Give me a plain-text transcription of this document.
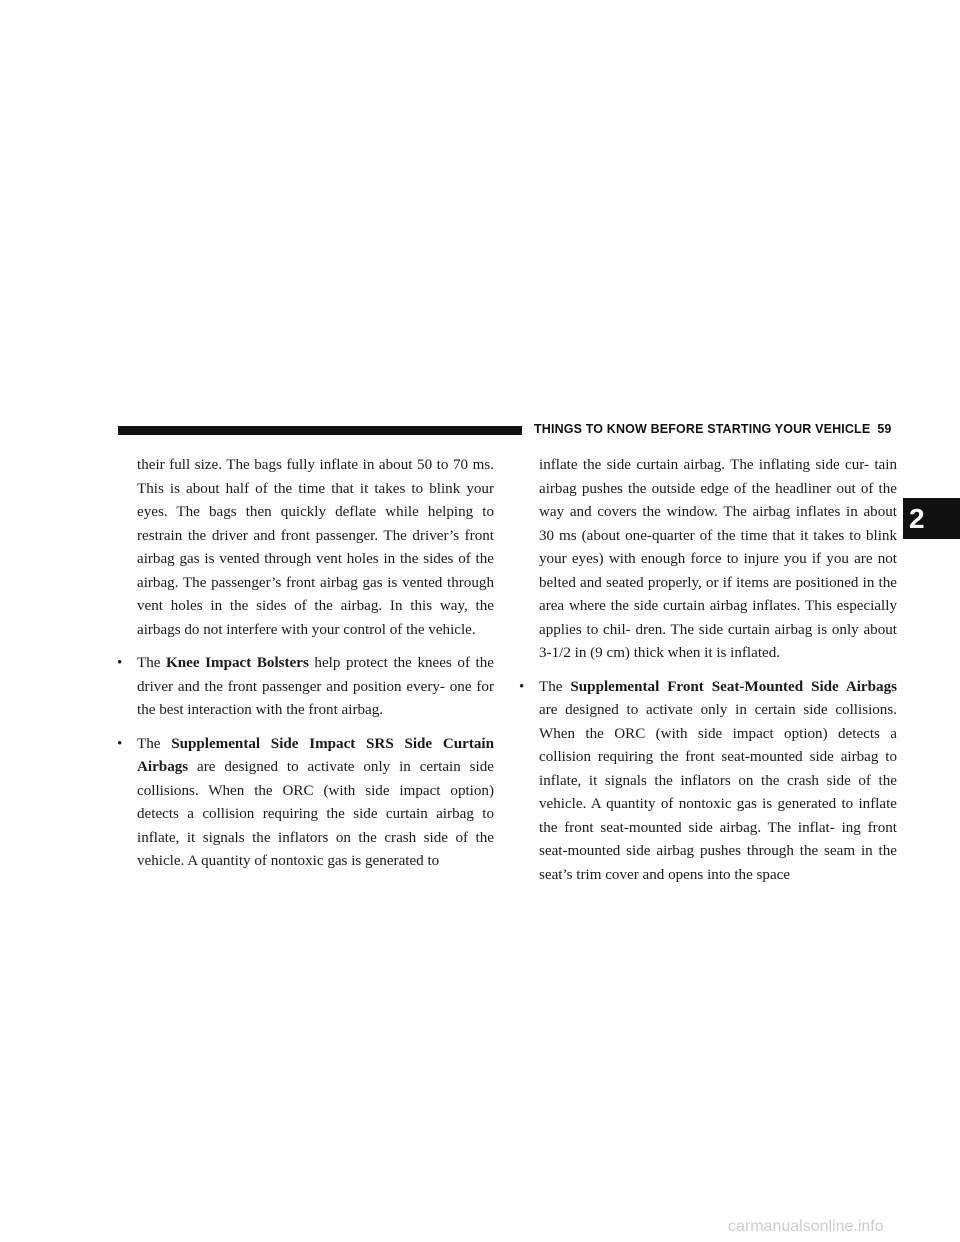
THINGS TO KNOW BEFORE STARTING YOUR VEHICLE 59
2

their full size. The bags fully inflate in about 50 to 70 ms. This is about half of the time that it takes to blink your eyes. The bags then quickly deflate while helping to restrain the driver and front passenger. The driver’s front airbag gas is vented through vent holes in the sides of the airbag. The passenger’s front airbag gas is vented through vent holes in the sides of the airbag. In this way, the airbags do not interfere with your control of the vehicle.

• The Knee Impact Bolsters help protect the knees of the driver and the front passenger and position every- one for the best interaction with the front airbag.

• The Supplemental Side Impact SRS Side Curtain Airbags are designed to activate only in certain side collisions. When the ORC (with side impact option) detects a collision requiring the side curtain airbag to inflate, it signals the inflators on the crash side of the vehicle. A quantity of nontoxic gas is generated to

inflate the side curtain airbag. The inflating side cur- tain airbag pushes the outside edge of the headliner out of the way and covers the window. The airbag inflates in about 30 ms (about one-quarter of the time that it takes to blink your eyes) with enough force to injure you if you are not belted and seated properly, or if items are positioned in the area where the side curtain airbag inflates. This especially applies to chil- dren. The side curtain airbag is only about 3-1/2 in (9 cm) thick when it is inflated.

• The Supplemental Front Seat-Mounted Side Airbags are designed to activate only in certain side collisions. When the ORC (with side impact option) detects a collision requiring the front seat-mounted side airbag to inflate, it signals the inflators on the crash side of the vehicle. A quantity of nontoxic gas is generated to inflate the front seat-mounted side airbag. The inflat- ing front seat-mounted side airbag pushes through the seam in the seat’s trim cover and opens into the space

carmanualsonline.info
